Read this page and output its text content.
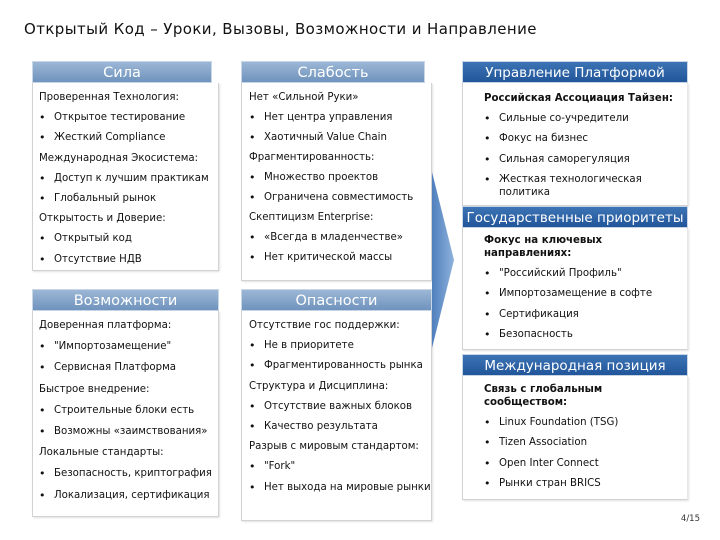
Открытый Код – Уроки, Вызовы, Возможности и Направление
Сила
Проверенная Технология:
• Открытое тестирование
• Жесткий Compliance
Международная Экосистема:
• Доступ к лучшим практикам
• Глобальный рынок
Открытость и Доверие:
• Открытый код
• Отсутствие НДВ
Слабость
Нет «Сильной Руки»
• Нет центра управления
• Хаотичный Value Chain
Фрагментированность:
• Множество проектов
• Ограничена совместимость
Скептицизм Enterprise:
• «Всегда в младенчестве»
• Нет критической массы
Возможности
Доверенная платформа:
• "Импортозамещение"
• Сервисная Платформа
Быстрое внедрение:
• Строительные блоки есть
• Возможны «заимствования»
Локальные стандарты:
• Безопасность, криптография
• Локализация, сертификация
Опасности
Отсутствие гос поддержки:
• Не в приоритете
• Фрагментированность рынка
Структура и Дисциплина:
• Отсутствие важных блоков
• Качество результата
Разрыв с мировым стандартом:
• "Fork"
• Нет выхода на мировые рынки
Управление Платформой
Российская Ассоциация Тайзен:
• Сильные со-учредители
• Фокус на бизнес
• Сильная саморегуляция
• Жесткая технологическая политика
Государственные приоритеты
Фокус на ключевых направлениях:
• "Российский Профиль"
• Импортозамещение в софте
• Сертификация
• Безопасность
Международная позиция
Связь с глобальным сообществом:
• Linux Foundation (TSG)
• Tizen Association
• Open Inter Connect
• Рынки стран BRICS
4/15
